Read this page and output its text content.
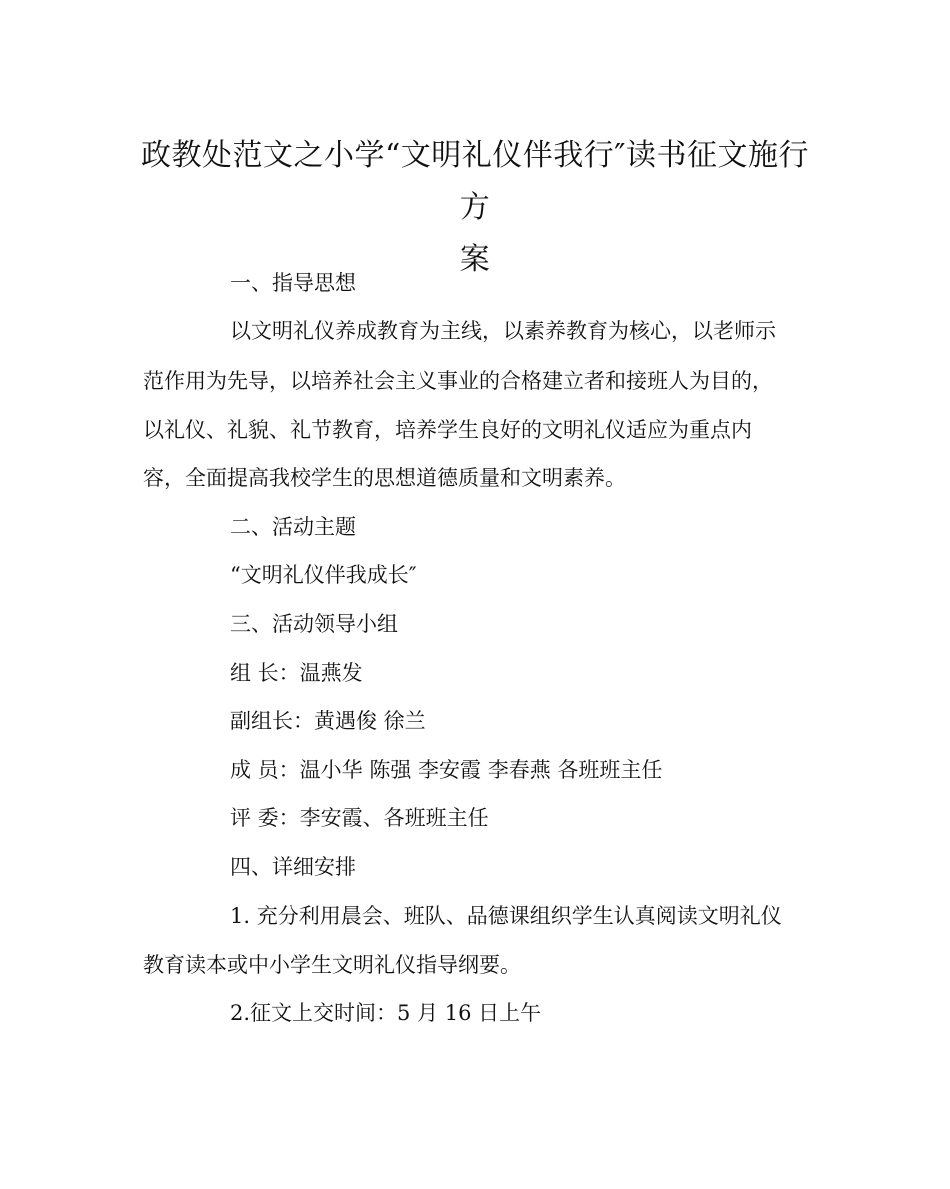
政教处范文之小学“文明礼仪伴我行″读书征文施行方
案
一、指导思想
以文明礼仪养成教育为主线，以素养教育为核心，以老师示
范作用为先导，以培养社会主义事业的合格建立者和接班人为目的，
以礼仪、礼貌、礼节教育，培养学生良好的文明礼仪适应为重点内
容，全面提高我校学生的思想道德质量和文明素养。
二、活动主题
“文明礼仪伴我成长″
三、活动领导小组
组 长：温燕发
副组长：黄遇俊 徐兰
成 员：温小华 陈强 李安霞 李春燕 各班班主任
评 委：李安霞、各班班主任
四、详细安排
1. 充分利用晨会、班队、品德课组织学生认真阅读文明礼仪
教育读本或中小学生文明礼仪指导纲要。
2.征文上交时间：5 月 16 日上午
